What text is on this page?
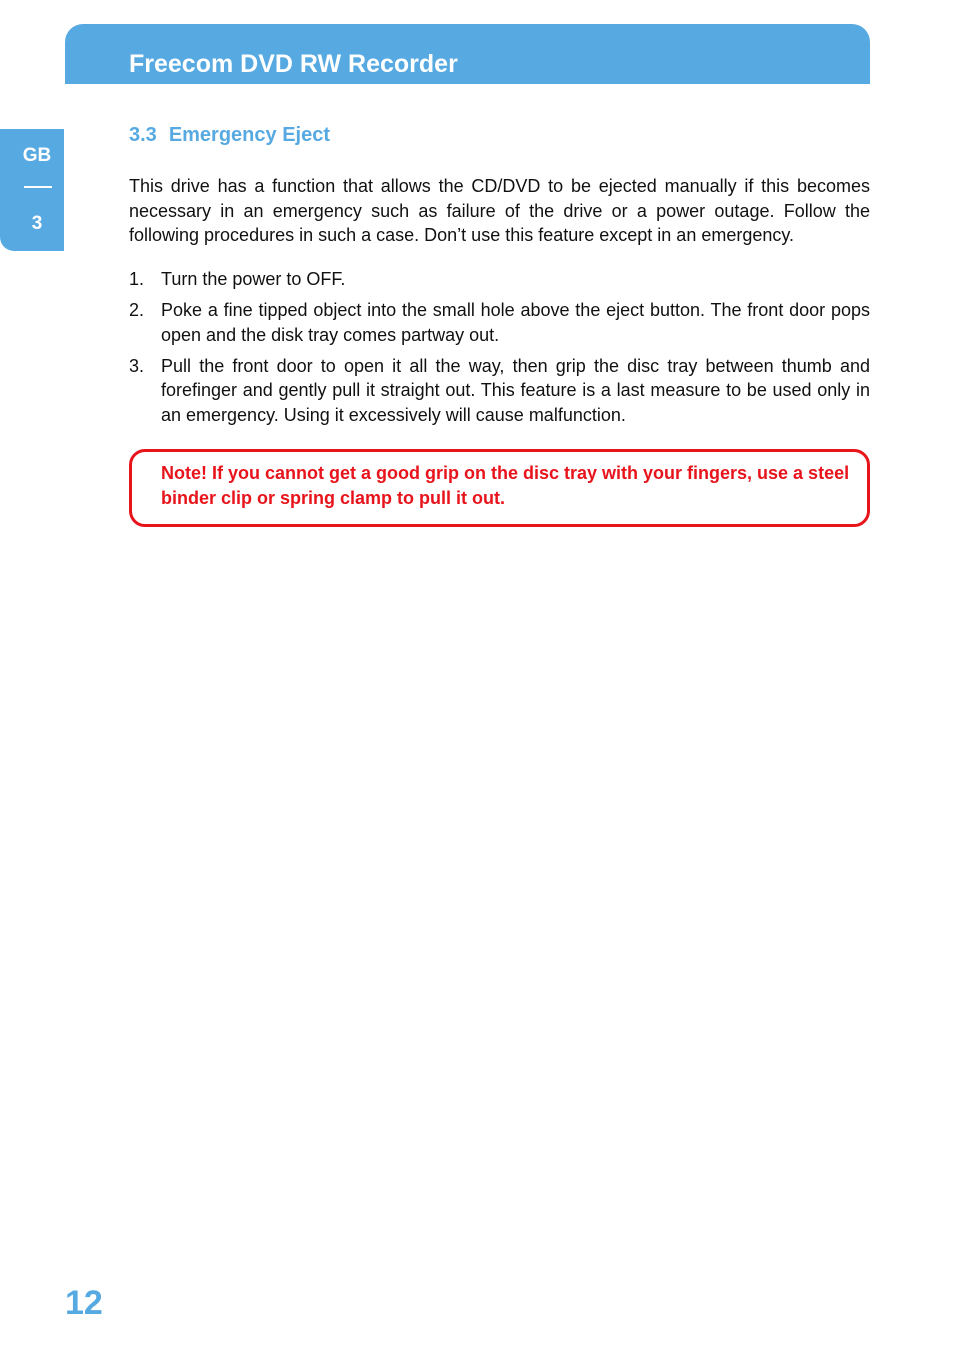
Freecom DVD RW Recorder
GB
3
3.3 Emergency Eject

This drive has a function that allows the CD/DVD to be ejected manually if this becomes necessary in an emergency such as failure of the drive or a power outage. Follow the following procedures in such a case. Don’t use this feature except in an emergency.

1. Turn the power to OFF.
2. Poke a fine tipped object into the small hole above the eject button. The front door pops open and the disk tray comes partway out.
3. Pull the front door to open it all the way, then grip the disc tray between thumb and forefinger and gently pull it straight out. This feature is a last measure to be used only in an emergency. Using it excessively will cause malfunction.

Note! If you cannot get a good grip on the disc tray with your fingers, use a steel binder clip or spring clamp to pull it out.

12
